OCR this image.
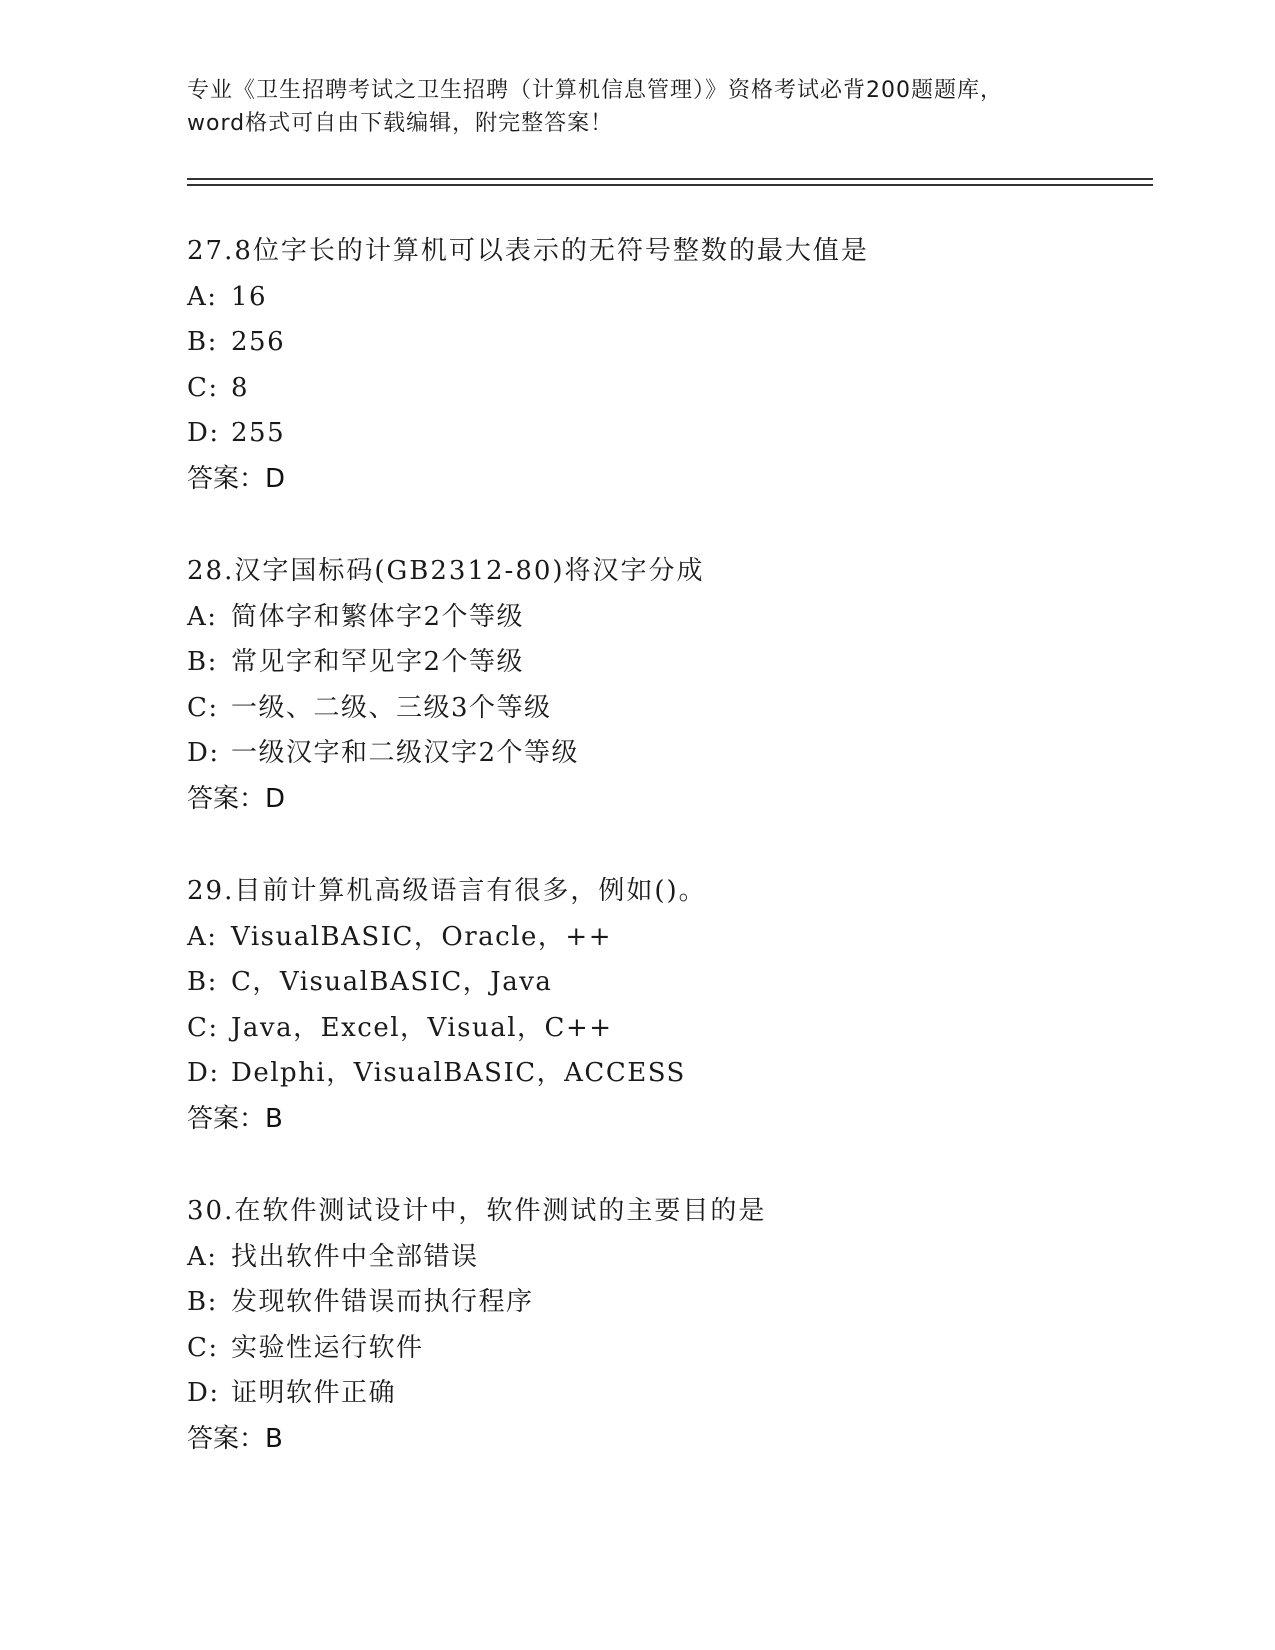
专业《卫生招聘考试之卫生招聘（计算机信息管理）》资格考试必背200题题库，
word格式可自由下载编辑，附完整答案！
27.8位字长的计算机可以表示的无符号整数的最大值是
A: 16
B: 256
C: 8
D: 255
答案：D
28.汉字国标码(GB2312-80)将汉字分成
A: 简体字和繁体字2个等级
B: 常见字和罕见字2个等级
C: 一级、二级、三级3个等级
D: 一级汉字和二级汉字2个等级
答案：D
29.目前计算机高级语言有很多，例如()。
A: VisualBASIC，Oracle，++
B: C，VisualBASIC，Java
C: Java，Excel，Visual，C++
D: Delphi，VisualBASIC，ACCESS
答案：B
30.在软件测试设计中，软件测试的主要目的是
A: 找出软件中全部错误
B: 发现软件错误而执行程序
C: 实验性运行软件
D: 证明软件正确
答案：B
